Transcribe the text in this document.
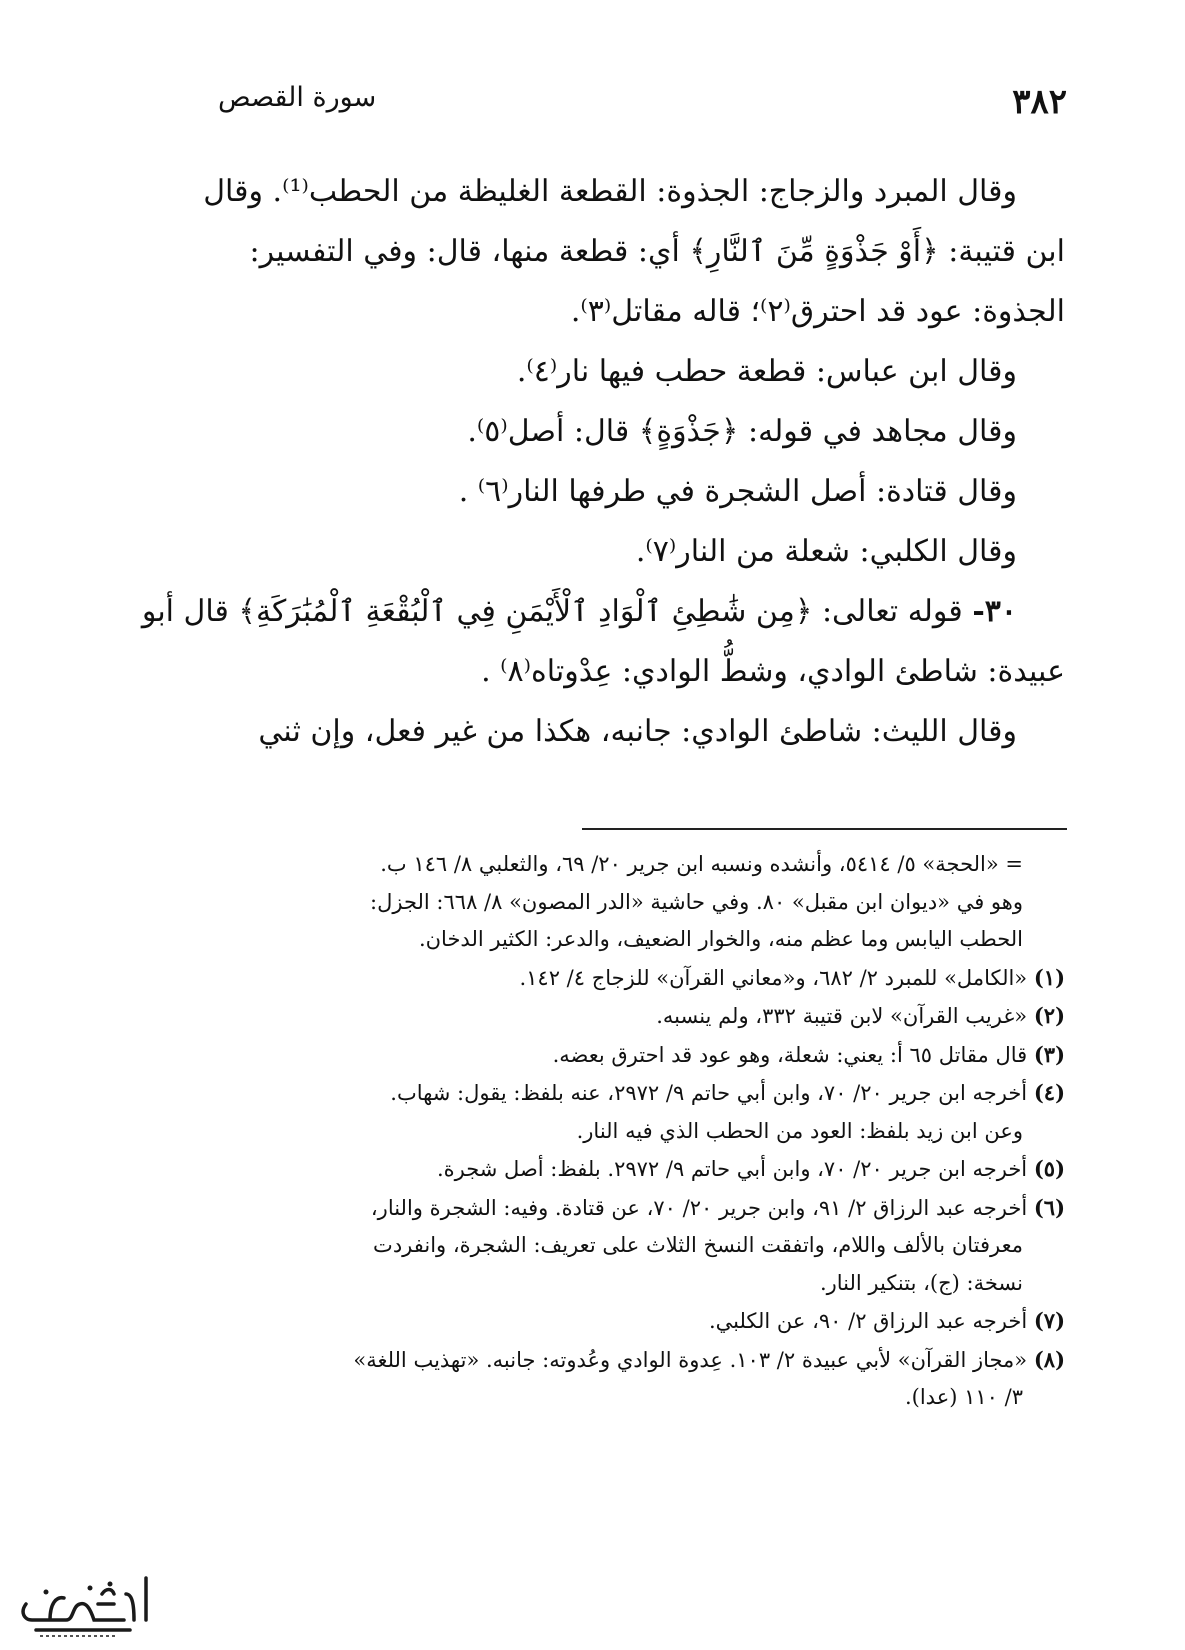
٣٨٢
سورة القصص

وقال المبرد والزجاج: الجذوة: القطعة الغليظة من الحطب⁽¹⁾. وقال

ابن قتيبة: ﴿أَوْ جَذْوَةٍ مِّنَ ٱلنَّارِ﴾ أي: قطعة منها، قال: وفي التفسير:

الجذوة: عود قد احترق⁽٢⁾؛ قاله مقاتل⁽٣⁾.

وقال ابن عباس: قطعة حطب فيها نار⁽٤⁾.

وقال مجاهد في قوله: ﴿جَذْوَةٍ﴾ قال: أصل⁽٥⁾.

وقال قتادة: أصل الشجرة في طرفها النار⁽٦⁾ .

وقال الكلبي: شعلة من النار⁽٧⁾.

٣٠- قوله تعالى: ﴿مِن شَٰطِئِ ٱلْوَادِ ٱلْأَيْمَنِ فِي ٱلْبُقْعَةِ ٱلْمُبَٰرَكَةِ﴾ قال أبو

عبيدة: شاطئ الوادي، وشطُّ الوادي: عِدْوتاه⁽٨⁾ .

وقال الليث: شاطئ الوادي: جانبه، هكذا من غير فعل، وإن ثني

= «الحجة» ٥/ ٥٤١٤، وأنشده ونسبه ابن جرير ٢٠/ ٦٩، والثعلبي ٨/ ١٤٦ ب.

وهو في «ديوان ابن مقبل» ٨٠. وفي حاشية «الدر المصون» ٨/ ٦٦٨: الجزل:

الحطب اليابس وما عظم منه، والخوار الضعيف، والدعر: الكثير الدخان.

(١) «الكامل» للمبرد ٢/ ٦٨٢، و«معاني القرآن» للزجاج ٤/ ١٤٢.

(٢) «غريب القرآن» لابن قتيبة ٣٣٢، ولم ينسبه.

(٣) قال مقاتل ٦٥ أ: يعني: شعلة، وهو عود قد احترق بعضه.

(٤) أخرجه ابن جرير ٢٠/ ٧٠، وابن أبي حاتم ٩/ ٢٩٧٢، عنه بلفظ: يقول: شهاب.

وعن ابن زيد بلفظ: العود من الحطب الذي فيه النار.

(٥) أخرجه ابن جرير ٢٠/ ٧٠، وابن أبي حاتم ٩/ ٢٩٧٢. بلفظ: أصل شجرة.

(٦) أخرجه عبد الرزاق ٢/ ٩١، وابن جرير ٢٠/ ٧٠، عن قتادة. وفيه: الشجرة والنار،

معرفتان بالألف واللام، واتفقت النسخ الثلاث على تعريف: الشجرة، وانفردت

نسخة: (ج)، بتنكير النار.

(٧) أخرجه عبد الرزاق ٢/ ٩٠، عن الكلبي.

(٨) «مجاز القرآن» لأبي عبيدة ٢/ ١٠٣. عِدوة الوادي وعُدوته: جانبه. «تهذيب اللغة»

٣/ ١١٠ (عدا).
